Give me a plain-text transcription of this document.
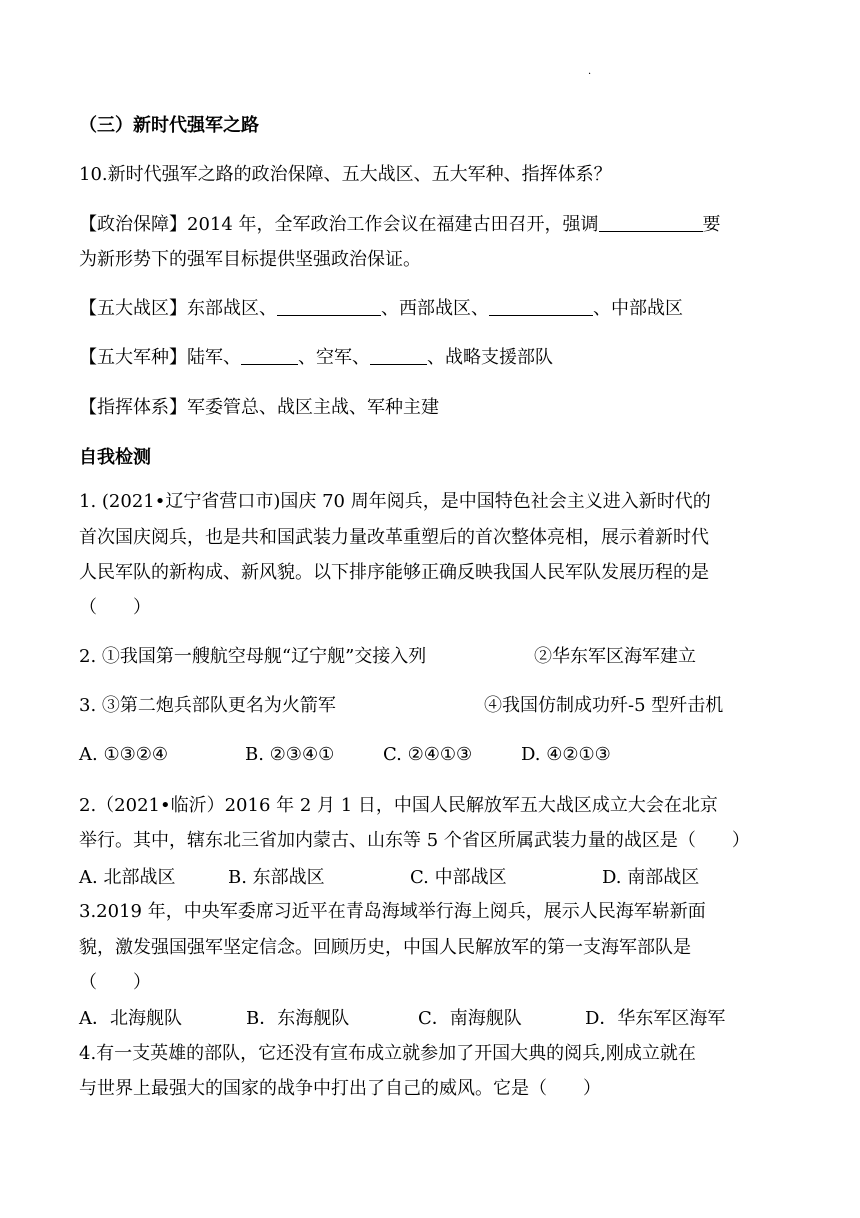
·
（三）新时代强军之路
10.新时代强军之路的政治保障、五大战区、五大军种、指挥体系？
【政治保障】2014 年，全军政治工作会议在福建古田召开，强调	要
为新形势下的强军目标提供坚强政治保证。
【五大战区】东部战区、	、西部战区、	、中部战区
【五大军种】陆军、	、空军、	、战略支援部队
【指挥体系】军委管总、战区主战、军种主建
自我检测
1. (2021•辽宁省营口市)国庆 70 周年阅兵，是中国特色社会主义进入新时代的
首次国庆阅兵，也是共和国武装力量改革重塑后的首次整体亮相，展示着新时代
人民军队的新构成、新风貌。以下排序能够正确反映我国人民军队发展历程的是
（　　）
2. ①我国第一艘航空母舰“辽宁舰”交接入列	②华东军区海军建立
3. ③第二炮兵部队更名为火箭军	④我国仿制成功歼-5 型歼击机
A. ①③②④	B. ②③④①	C. ②④①③	D. ④②①③
2.（2021•临沂）2016 年 2 月 1 日，中国人民解放军五大战区成立大会在北京
举行。其中，辖东北三省加内蒙古、山东等 5 个省区所属武装力量的战区是（　　）
A. 北部战区	B. 东部战区	C. 中部战区	D. 南部战区
3.2019 年，中央军委席习近平在青岛海域举行海上阅兵，展示人民海军崭新面
貌，激发强国强军坚定信念。回顾历史，中国人民解放军的第一支海军部队是
（　　）
A．北海舰队	B．东海舰队	C．南海舰队	D．华东军区海军
4.有一支英雄的部队，它还没有宣布成立就参加了开国大典的阅兵,刚成立就在
与世界上最强大的国家的战争中打出了自己的威风。它是（　　）
